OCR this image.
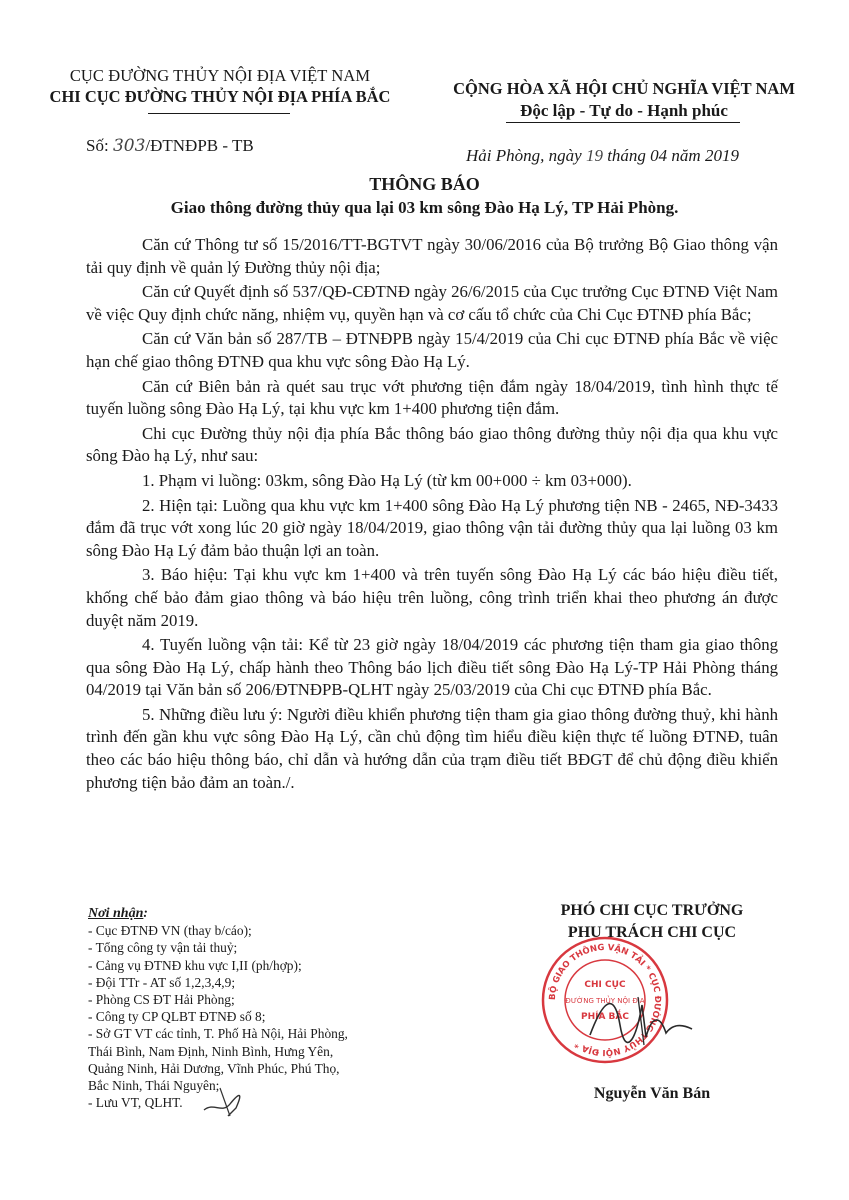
CỤC ĐƯỜNG THỦY NỘI ĐỊA VIỆT NAM
CHI CỤC ĐƯỜNG THỦY NỘI ĐỊA PHÍA BẮC	CỘNG HÒA XÃ HỘI CHỦ NGHĨA VIỆT NAM
Độc lập - Tự do - Hạnh phúc
Số: 303/ĐTNĐPB - TB
Hải Phòng, ngày 19 tháng 04 năm 2019
THÔNG BÁO
Giao thông đường thủy qua lại 03 km sông Đào Hạ Lý, TP Hải Phòng.

Căn cứ Thông tư số 15/2016/TT-BGTVT ngày 30/06/2016 của Bộ trưởng Bộ Giao thông vận tải quy định về quản lý Đường thủy nội địa;

Căn cứ Quyết định số 537/QĐ-CĐTNĐ ngày 26/6/2015 của Cục trưởng Cục ĐTNĐ Việt Nam về việc Quy định chức năng, nhiệm vụ, quyền hạn và cơ cấu tổ chức của Chi Cục ĐTNĐ phía Bắc;

Căn cứ Văn bản số 287/TB – ĐTNĐPB ngày 15/4/2019 của Chi cục ĐTNĐ phía Bắc về việc hạn chế giao thông ĐTNĐ qua khu vực sông Đào Hạ Lý.

Căn cứ Biên bản rà quét sau trục vớt phương tiện đắm ngày 18/04/2019, tình hình thực tế tuyến luồng sông Đào Hạ Lý, tại khu vực km 1+400 phương tiện đắm.

Chi cục Đường thủy nội địa phía Bắc thông báo giao thông đường thủy nội địa qua khu vực sông Đào hạ Lý, như sau:

1. Phạm vi luồng: 03km, sông Đào Hạ Lý (từ km 00+000 ÷ km 03+000).

2. Hiện tại: Luồng qua khu vực km 1+400 sông Đào Hạ Lý phương tiện NB - 2465, NĐ-3433 đắm đã trục vớt xong lúc 20 giờ ngày 18/04/2019, giao thông vận tải đường thủy qua lại luồng 03 km sông Đào Hạ Lý đảm bảo thuận lợi an toàn.

3. Báo hiệu: Tại khu vực km 1+400 và trên tuyến sông Đào Hạ Lý các báo hiệu điều tiết, khống chế bảo đảm giao thông và báo hiệu trên luồng, công trình triển khai theo phương án được duyệt năm 2019.

4. Tuyến luồng vận tải: Kể từ 23 giờ ngày 18/04/2019 các phương tiện tham gia giao thông qua sông Đào Hạ Lý, chấp hành theo Thông báo lịch điều tiết sông Đào Hạ Lý-TP Hải Phòng tháng 04/2019 tại Văn bản số 206/ĐTNĐPB-QLHT ngày 25/03/2019 của Chi cục ĐTNĐ phía Bắc.

5. Những điều lưu ý: Người điều khiển phương tiện tham gia giao thông đường thuỷ, khi hành trình đến gần khu vực sông Đào Hạ Lý, cần chủ động tìm hiểu điều kiện thực tế luồng ĐTNĐ, tuân theo các báo hiệu thông báo, chỉ dẫn và hướng dẫn của trạm điều tiết BĐGT để chủ động điều khiển phương tiện bảo đảm an toàn./.

Nơi nhận:
- Cục ĐTNĐ VN (thay b/cáo);
- Tổng công ty vận tải thuỷ;
- Cảng vụ ĐTNĐ khu vực I,II (ph/hợp);
- Đội TTr - AT số 1,2,3,4,9;
- Phòng CS ĐT Hải Phòng;
- Công ty CP QLBT ĐTNĐ số 8;
- Sở GT VT các tỉnh, T. Phố Hà Nội, Hải Phòng,
Thái Bình, Nam Định, Ninh Bình, Hưng Yên,
Quảng Ninh, Hải Dương, Vĩnh Phúc, Phú Thọ,
Bắc Ninh, Thái Nguyên;
- Lưu VT, QLHT.
PHÓ CHI CỤC TRƯỞNG
PHỤ TRÁCH CHI CỤC
BỘ GIAO THÔNG VẬN TẢI * CỤC ĐƯỜNG THỦY NỘI ĐỊA *
CHI CỤC
ĐƯỜNG THỦY NỘI ĐỊA
PHÍA BẮC
Nguyễn Văn Bán
